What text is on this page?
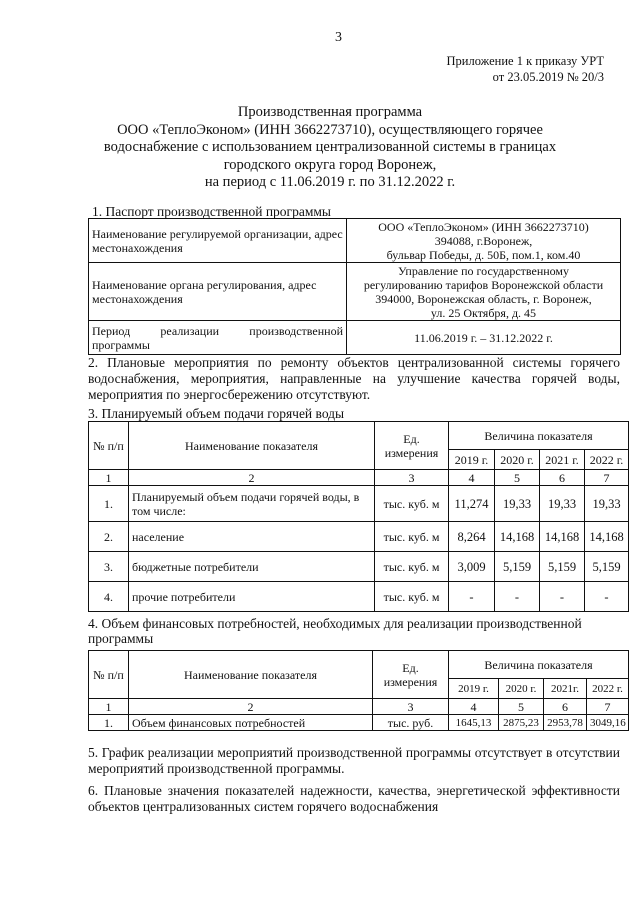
3
Приложение 1 к приказу УРТ
от 23.05.2019 № 20/3
Производственная программа
ООО «ТеплоЭконом» (ИНН 3662273710), осуществляющего горячее
водоснабжение с использованием централизованной системы в границах
городского округа город Воронеж,
на период с 11.06.2019 г. по 31.12.2022 г.
1. Паспорт производственной программы
Наименование регулируемой организации, адрес местонахождения	ООО «ТеплоЭконом» (ИНН 3662273710)
394088, г.Воронеж,
бульвар Победы, д. 50Б, пом.1, ком.40

Наименование органа регулирования, адрес местонахождения	Управление по государственному
регулированию тарифов Воронежской области
394000, Воронежская область, г. Воронеж,
ул. 25 Октября, д. 45

Период реализации производственной программы	11.06.2019 г. – 31.12.2022 г.
2. Плановые мероприятия по ремонту объектов централизованной системы горячего водоснабжения, мероприятия, направленные на улучшение качества горячей воды, мероприятия по энергосбережению отсутствуют.
3. Планируемый объем подачи горячей воды
№ п/п	Наименование показателя	Ед. измерения	Величина показателя			
			2019 г.	2020 г.	2021 г.	2022 г.
1	2	3	4	5	6	7
1.	Планируемый объем подачи горячей воды, в том числе:	тыс. куб. м	11,274	19,33	19,33	19,33
2.	население	тыс. куб. м	8,264	14,168	14,168	14,168
3.	бюджетные потребители	тыс. куб. м	3,009	5,159	5,159	5,159
4.	прочие потребители	тыс. куб. м	-	-	-	-
4. Объем финансовых потребностей, необходимых для реализации производственной программы
№ п/п	Наименование показателя	Ед. измерения	Величина показателя			
			2019 г.	2020 г.	2021г.	2022 г.
1	2	3	4	5	6	7
1.	Объем финансовых потребностей	тыс. руб.	1645,13	2875,23	2953,78	3049,16
5. График реализации мероприятий производственной программы отсутствует в отсутствии мероприятий производственной программы.
6. Плановые значения показателей надежности, качества, энергетической эффективности объектов централизованных систем горячего водоснабжения
